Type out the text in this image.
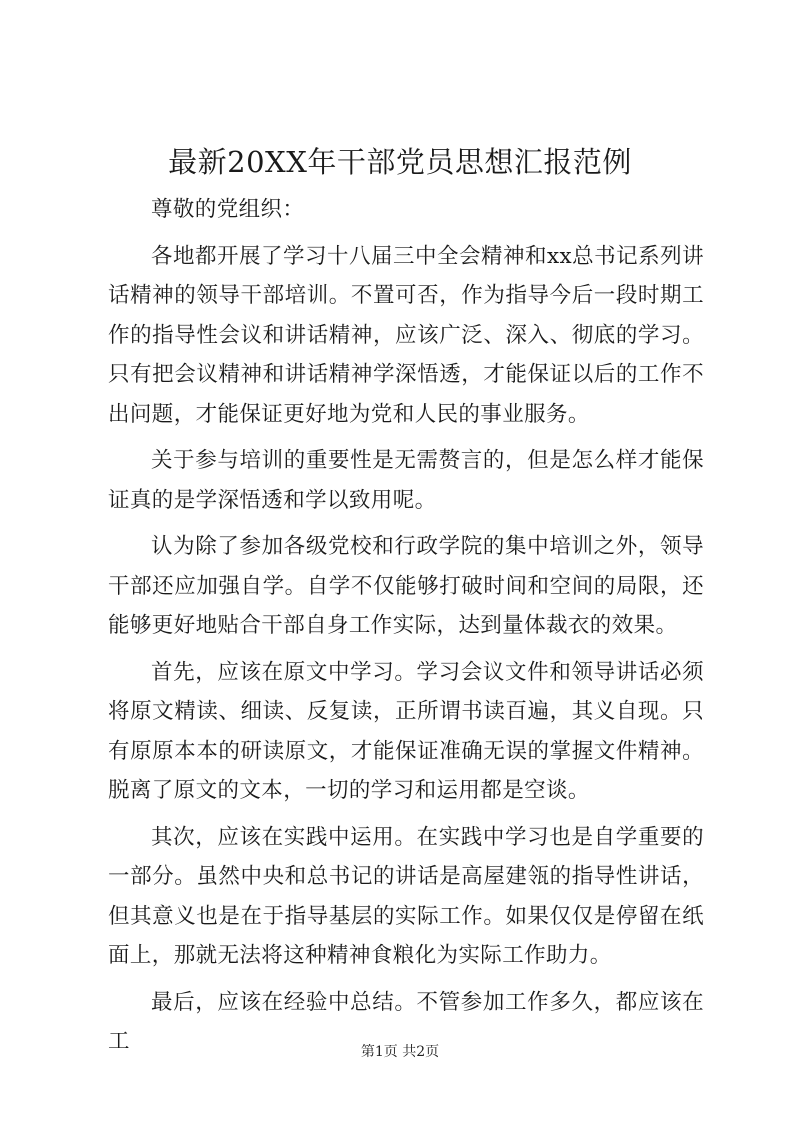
最新20XX年干部党员思想汇报范例

尊敬的党组织：

各地都开展了学习十八届三中全会精神和xx总书记系列讲话精神的领导干部培训。不置可否，作为指导今后一段时期工作的指导性会议和讲话精神，应该广泛、深入、彻底的学习。只有把会议精神和讲话精神学深悟透，才能保证以后的工作不出问题，才能保证更好地为党和人民的事业服务。

关于参与培训的重要性是无需赘言的，但是怎么样才能保证真的是学深悟透和学以致用呢。

认为除了参加各级党校和行政学院的集中培训之外，领导干部还应加强自学。自学不仅能够打破时间和空间的局限，还能够更好地贴合干部自身工作实际，达到量体裁衣的效果。

首先，应该在原文中学习。学习会议文件和领导讲话必须将原文精读、细读、反复读，正所谓书读百遍，其义自现。只有原原本本的研读原文，才能保证准确无误的掌握文件精神。脱离了原文的文本，一切的学习和运用都是空谈。

其次，应该在实践中运用。在实践中学习也是自学重要的一部分。虽然中央和总书记的讲话是高屋建瓴的指导性讲话，但其意义也是在于指导基层的实际工作。如果仅仅是停留在纸面上，那就无法将这种精神食粮化为实际工作助力。

最后，应该在经验中总结。不管参加工作多久，都应该在工	第1页 共2页
